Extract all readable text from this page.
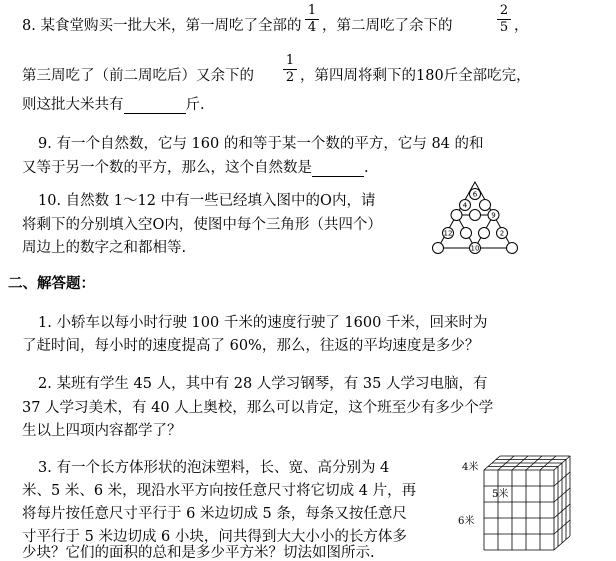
8. 某食堂购买一批大米，第一周吃了全部的
1
4 ，第二周吃了余下的
2
5 ，
第三周吃了（前二周吃后）又余下的
1
2 ，第四周将剩下的180斤全部吃完，
则这批大米共有	斤.
9. 有一个自然数，它与 160 的和等于某一个数的平方，它与 84 的和
又等于另一个数的平方，那么，这个自然数是	.
10. 自然数 1～12 中有一些已经填入图中的O内，请
将剩下的分别填入空O内，使图中每个三角形（共四个）
周边上的数字之和都相等.
6
4
9
12	2
10
二、解答题：
1. 小轿车以每小时行驶 100 千米的速度行驶了 1600 千米，回来时为
了赶时间，每小时的速度提高了 60%，那么，往返的平均速度是多少？
2. 某班有学生 45 人，其中有 28 人学习钢琴，有 35 人学习电脑，有
37 人学习美术，有 40 人上奥校，那么可以肯定，这个班至少有多少个学
生以上四项内容都学了？
3. 有一个长方体形状的泡沫塑料，长、宽、高分别为 4
米、5 米、6 米，现沿水平方向按任意尺寸将它切成 4 片，再
将每片按任意尺寸平行于 6 米边切成 5 条，每条又按任意尺
寸平行于 5 米边切成 6 小块，问共得到大大小小的长方体多
少块？它们的面积的总和是多少平方米？切法如图所示.
4米
5米
6米
